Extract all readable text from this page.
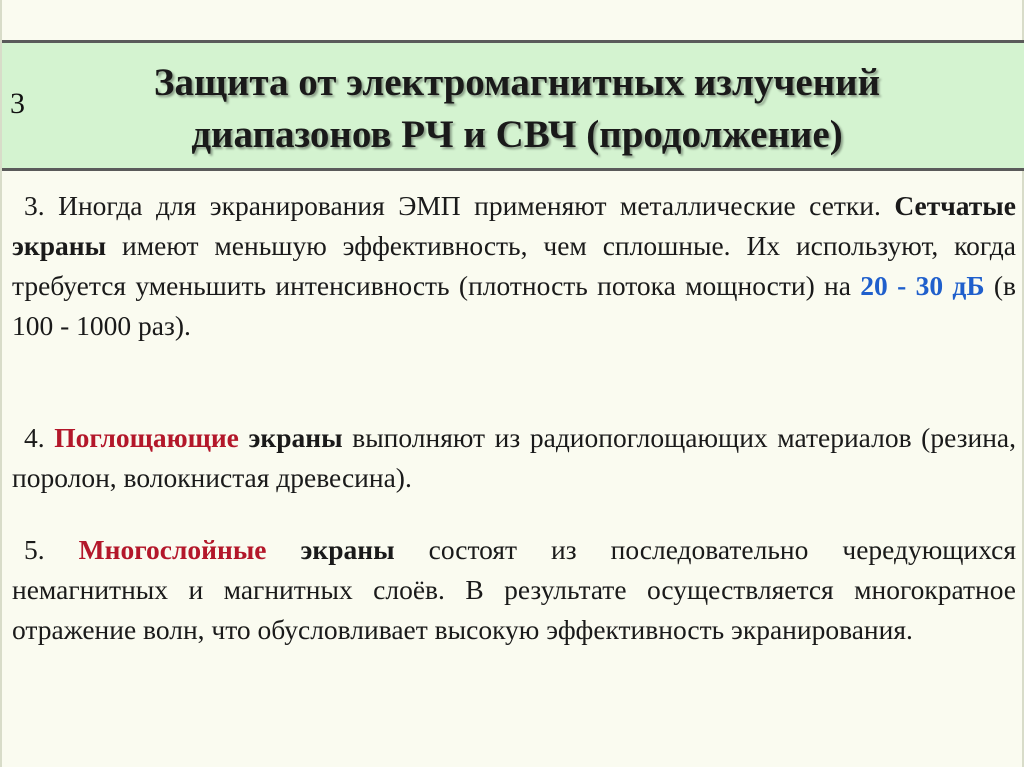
3	Защита от электромагнитных излучений
диапазонов РЧ и СВЧ (продолжение)
3. Иногда для экранирования ЭМП применяют металлические сетки. Сетчатые экраны имеют меньшую эффективность, чем сплошные. Их используют, когда требуется уменьшить интенсивность (плотность потока мощности) на 20 - 30 дБ (в 100 - 1000 раз).
4. Поглощающие экраны выполняют из радиопоглощающих материалов (резина, поролон, волокнистая древесина).
5. Многослойные экраны состоят из последовательно чередующихся немагнитных и магнитных слоёв. В результате осуществляется многократное отражение волн, что обусловливает высокую эффективность экранирования.
